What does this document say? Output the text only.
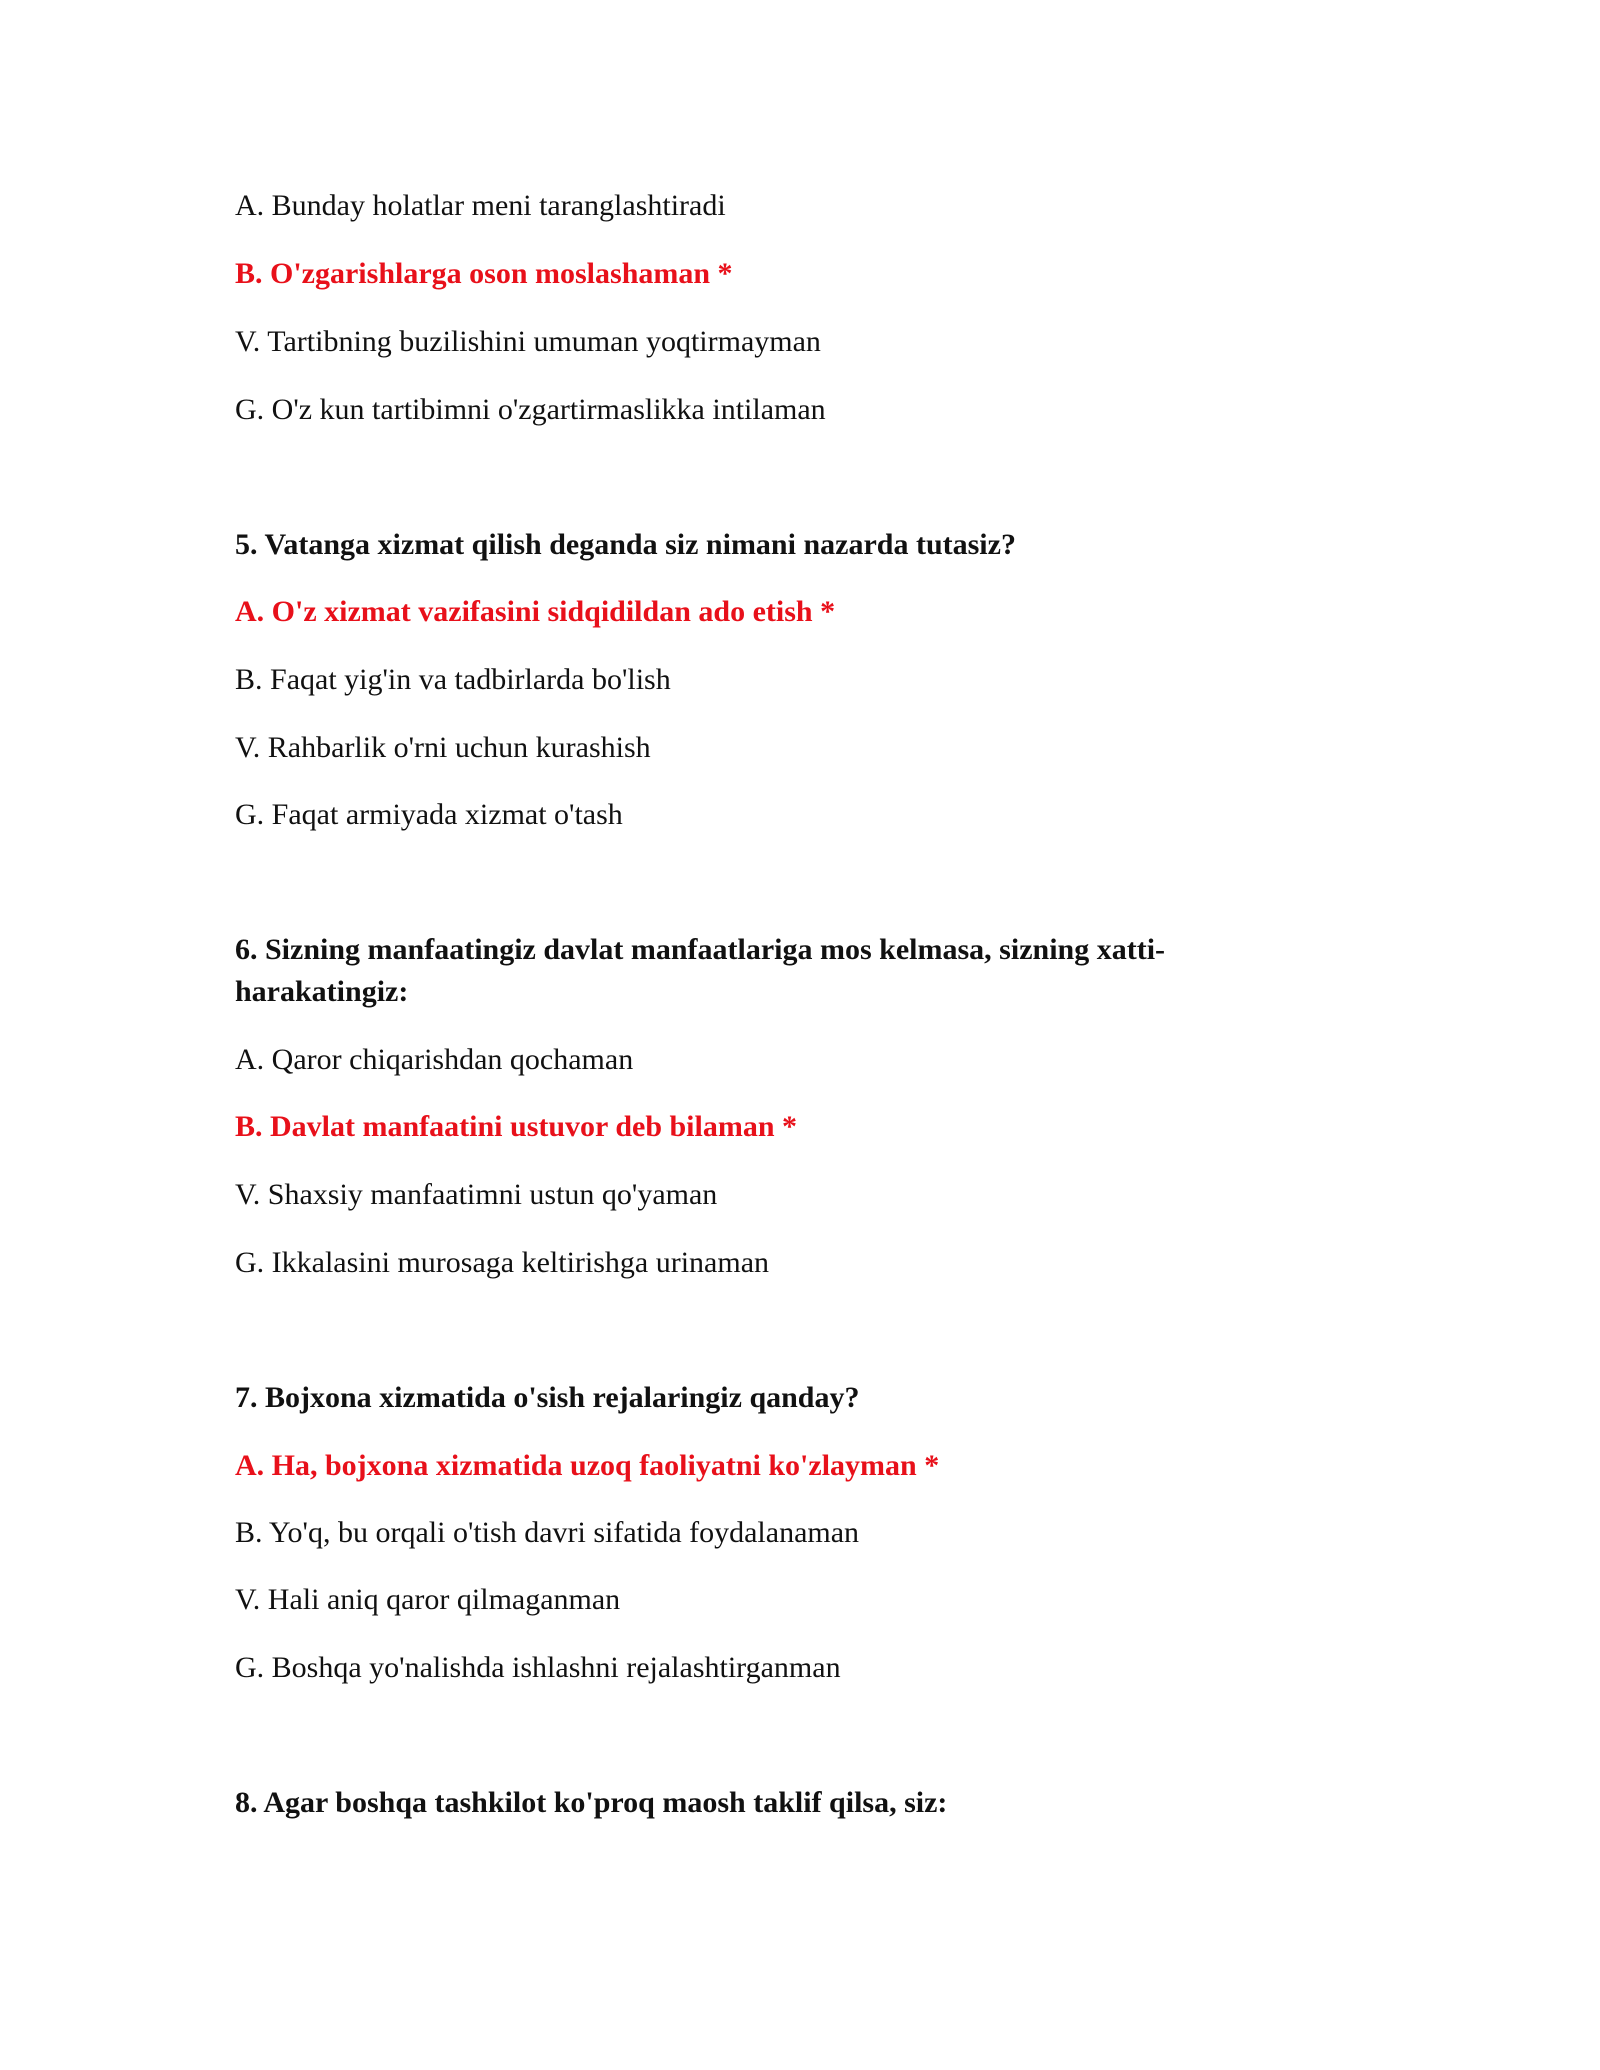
A. Bunday holatlar meni taranglashtiradi
B. O'zgarishlarga oson moslashaman *
V. Tartibning buzilishini umuman yoqtirmayman
G. O'z kun tartibimni o'zgartirmaslikka intilaman
5. Vatanga xizmat qilish deganda siz nimani nazarda tutasiz?
A. O'z xizmat vazifasini sidqidildan ado etish *
B. Faqat yig'in va tadbirlarda bo'lish
V. Rahbarlik o'rni uchun kurashish
G. Faqat armiyada xizmat o'tash
6. Sizning manfaatingiz davlat manfaatlariga mos kelmasa, sizning xatti-
harakatingiz:
A. Qaror chiqarishdan qochaman
B. Davlat manfaatini ustuvor deb bilaman *
V. Shaxsiy manfaatimni ustun qo'yaman
G. Ikkalasini murosaga keltirishga urinaman
7. Bojxona xizmatida o'sish rejalaringiz qanday?
A. Ha, bojxona xizmatida uzoq faoliyatni ko'zlayman *
B. Yo'q, bu orqali o'tish davri sifatida foydalanaman
V. Hali aniq qaror qilmaganman
G. Boshqa yo'nalishda ishlashni rejalashtirganman
8. Agar boshqa tashkilot ko'proq maosh taklif qilsa, siz:
